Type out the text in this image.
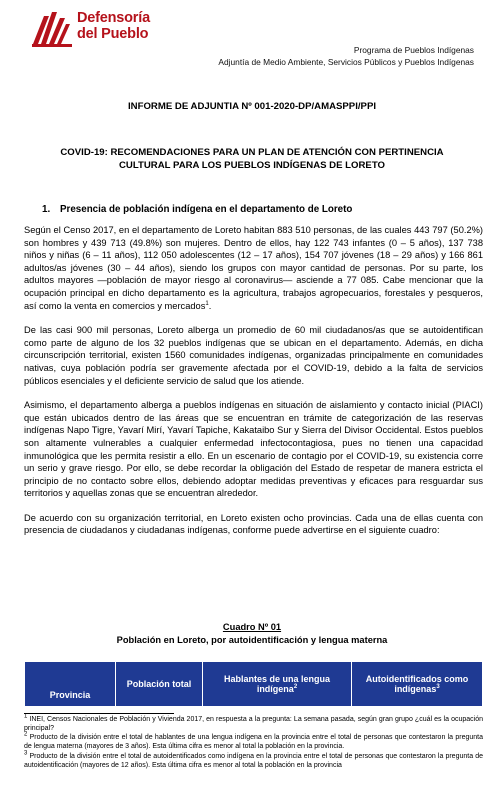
Defensoría
del Pueblo
Programa de Pueblos Indígenas
Adjuntía de Medio Ambiente, Servicios Públicos y Pueblos Indígenas
INFORME DE ADJUNTIA Nº 001-2020-DP/AMASPPI/PPI
COVID-19: RECOMENDACIONES PARA UN PLAN DE ATENCIÓN CON PERTINENCIA CULTURAL PARA LOS PUEBLOS INDÍGENAS DE LORETO
1. Presencia de población indígena en el departamento de Loreto

Según el Censo 2017, en el departamento de Loreto habitan 883 510 personas, de las cuales 443 797 (50.2%) son hombres y 439 713 (49.8%) son mujeres. Dentro de ellos, hay 122 743 infantes (0 – 5 años), 137 738 niños y niñas (6 – 11 años), 112 050 adolescentes (12 – 17 años), 154 707 jóvenes (18 – 29 años) y 166 861 adultos/as jóvenes (30 – 44 años), siendo los grupos con mayor cantidad de personas. Por su parte, los adultos mayores —población de mayor riesgo al coronavirus— asciende a 77 085. Cabe mencionar que la ocupación principal en dicho departamento es la agricultura, trabajos agropecuarios, forestales y pesqueros, así como la venta en comercios y mercados$^1$.

De las casi 900 mil personas, Loreto alberga un promedio de 60 mil ciudadanos/as que se autoidentifican como parte de alguno de los 32 pueblos indígenas que se ubican en el departamento. Además, en dicha circunscripción territorial, existen 1560 comunidades indígenas, organizadas principalmente en comunidades nativas, cuya población podría ser gravemente afectada por el COVID-19, debido a la falta de servicios públicos esenciales y el deficiente servicio de salud que los atiende.

Asimismo, el departamento alberga a pueblos indígenas en situación de aislamiento y contacto inicial (PIACI) que están ubicados dentro de las áreas que se encuentran en trámite de categorización de las reservas indígenas Napo Tigre, Yavarí Mirí, Yavarí Tapiche, Kakataibo Sur y Sierra del Divisor Occidental. Estos pueblos son altamente vulnerables a cualquier enfermedad infectocontagiosa, pues no tienen una capacidad inmunológica que les permita resistir a ello. En un escenario de contagio por el COVID-19, su existencia corre un serio y grave riesgo. Por ello, se debe recordar la obligación del Estado de respetar de manera estricta el principio de no contacto sobre ellos, debiendo adoptar medidas preventivas y eficaces para resguardar sus territorios y aquellas zonas que se encuentran alrededor.

De acuerdo con su organización territorial, en Loreto existen ocho provincias. Cada una de ellas cuenta con presencia de ciudadanos y ciudadanas indígenas, conforme puede advertirse en el siguiente cuadro:

Cuadro Nº 01
Población en Loreto, por autoidentificación y lengua materna
Provincia	Población total	Hablantes de una lengua indígena$^2$	Autoidentificados como indígenas$^3$

$^1$ INEI, Censos Nacionales de Población y Vivienda 2017, en respuesta a la pregunta: La semana pasada, según gran grupo ¿cuál es la ocupación principal?

$^2$ Producto de la división entre el total de hablantes de una lengua indígena en la provincia entre el total de personas que contestaron la pregunta de lengua materna (mayores de 3 años). Esta última cifra es menor al total la población en la provincia.

$^3$ Producto de la división entre el total de autoidentificados como indígena en la provincia entre el total de personas que contestaron la pregunta de autoidentificación (mayores de 12 años). Esta última cifra es menor al total la población en la provincia
